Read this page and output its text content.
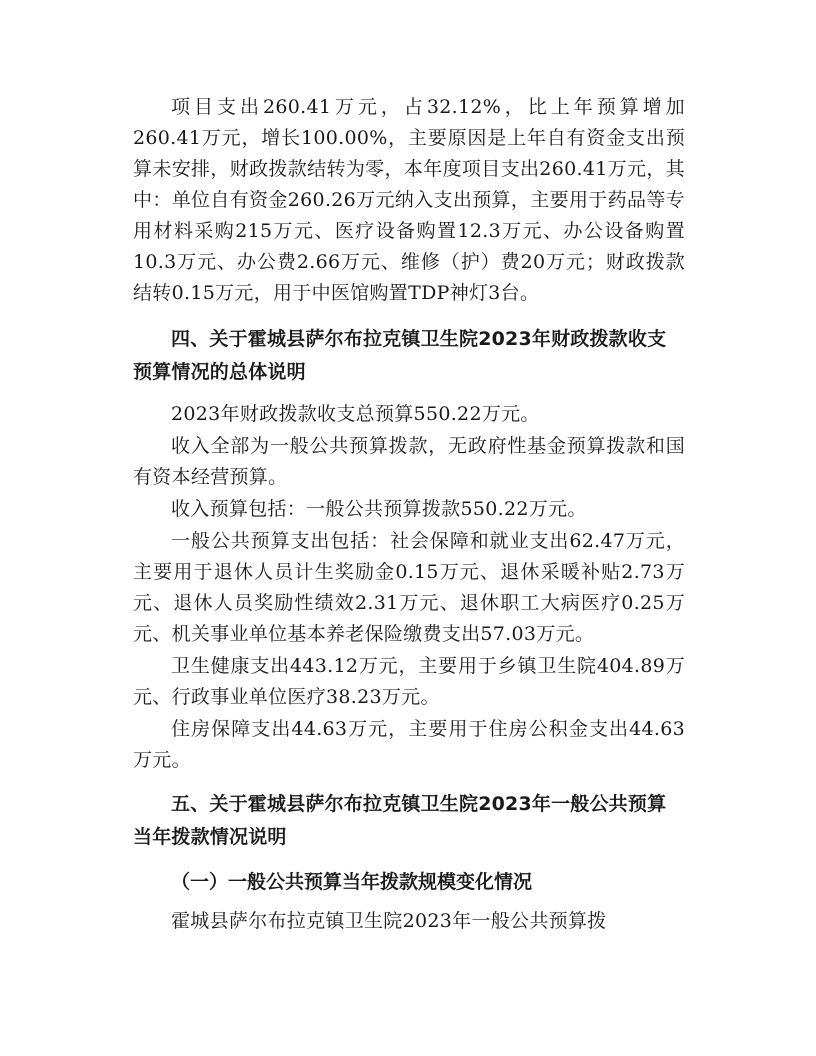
项目支出260.41万元，占32.12%，比上年预算增加260.41万元，增长100.00%，主要原因是上年自有资金支出预算未安排，财政拨款结转为零，本年度项目支出260.41万元，其中：单位自有资金260.26万元纳入支出预算，主要用于药品等专用材料采购215万元、医疗设备购置12.3万元、办公设备购置10.3万元、办公费2.66万元、维修（护）费20万元；财政拨款结转0.15万元，用于中医馆购置TDP神灯3台。

四、关于霍城县萨尔布拉克镇卫生院2023年财政拨款收支预算情况的总体说明

2023年财政拨款收支总预算550.22万元。

收入全部为一般公共预算拨款，无政府性基金预算拨款和国有资本经营预算。

收入预算包括：一般公共预算拨款550.22万元。

一般公共预算支出包括：社会保障和就业支出62.47万元，主要用于退休人员计生奖励金0.15万元、退休采暖补贴2.73万元、退休人员奖励性绩效2.31万元、退休职工大病医疗0.25万元、机关事业单位基本养老保险缴费支出57.03万元。

卫生健康支出443.12万元，主要用于乡镇卫生院404.89万元、行政事业单位医疗38.23万元。

住房保障支出44.63万元，主要用于住房公积金支出44.63万元。

五、关于霍城县萨尔布拉克镇卫生院2023年一般公共预算当年拨款情况说明

（一）一般公共预算当年拨款规模变化情况

霍城县萨尔布拉克镇卫生院2023年一般公共预算拨
